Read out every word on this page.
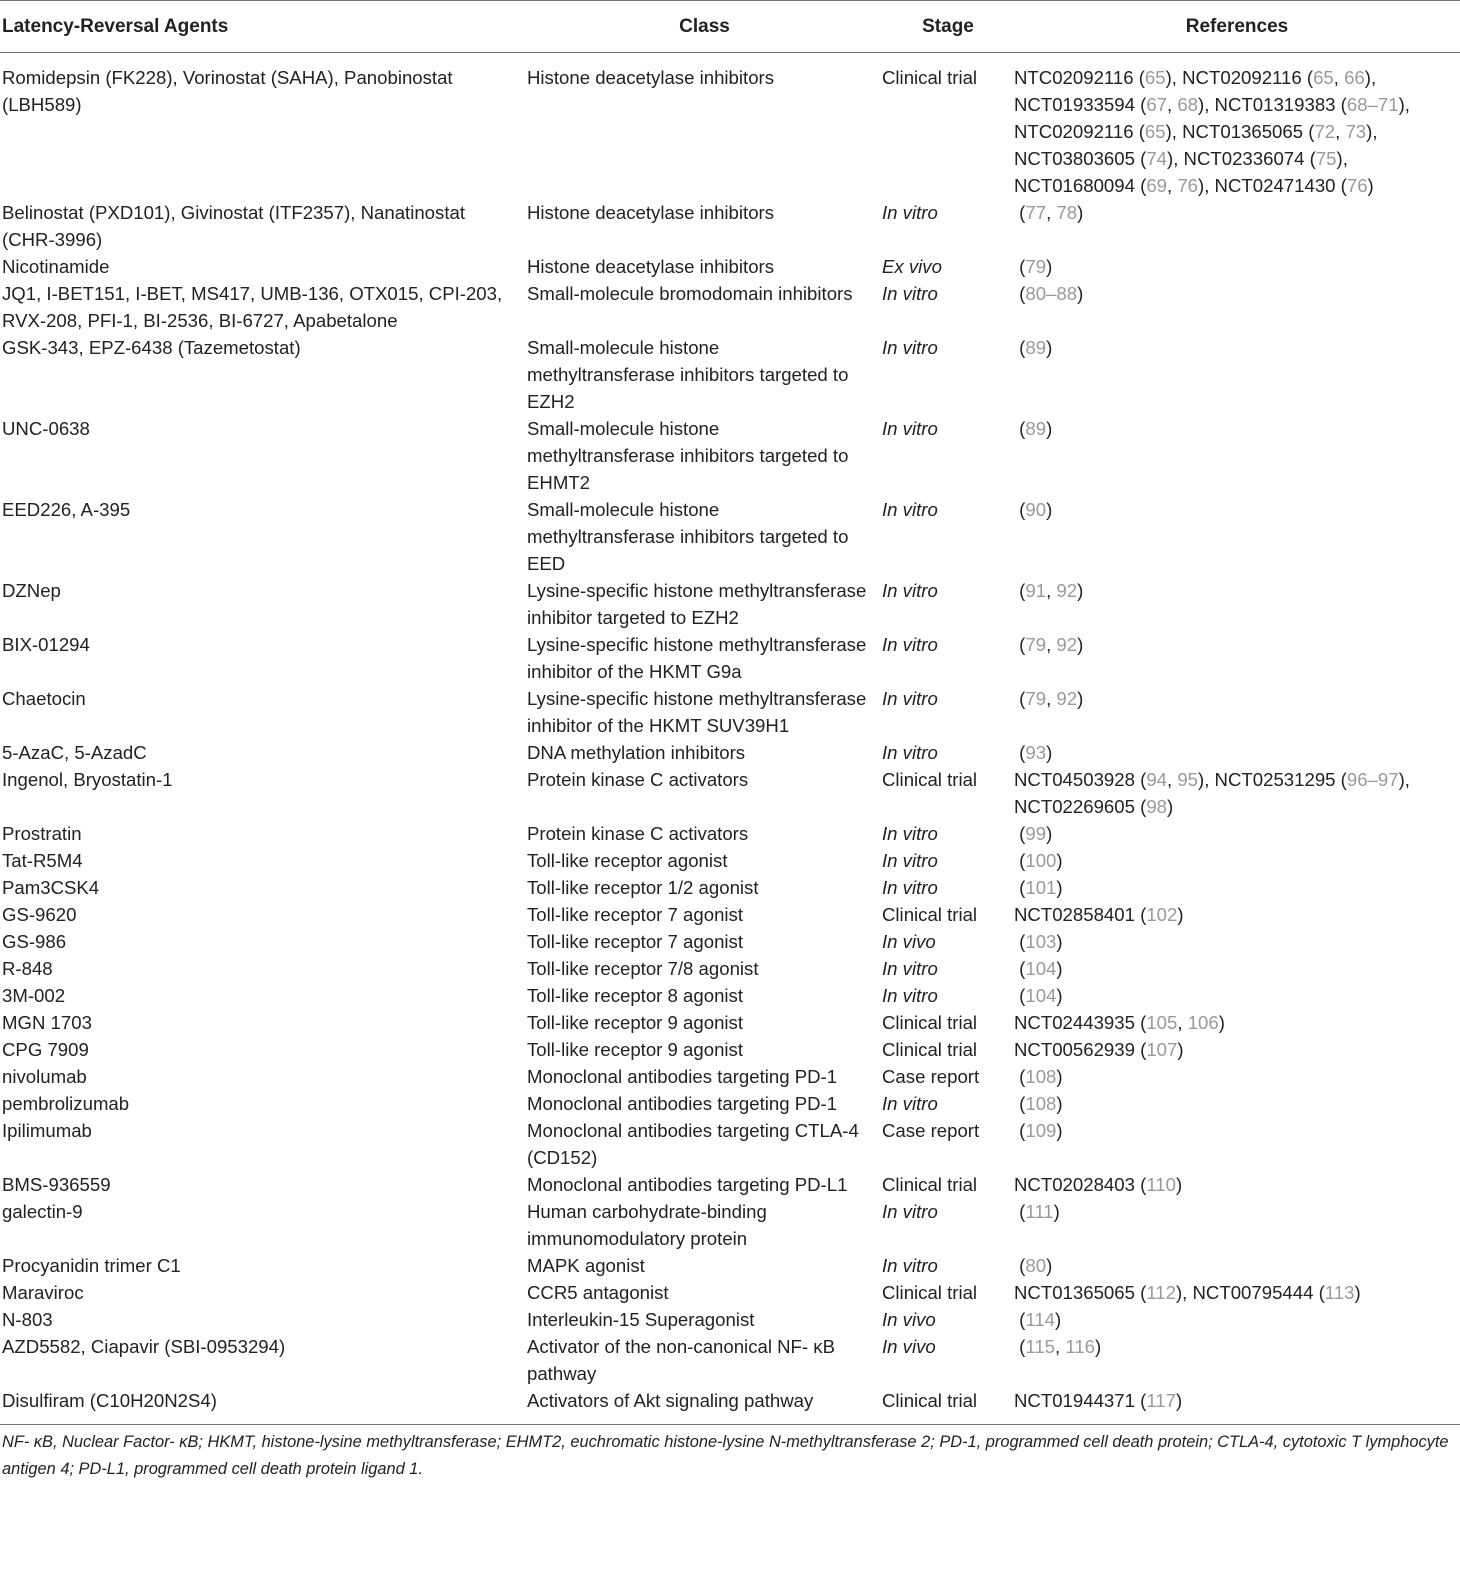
Latency-Reversal Agents	Class	Stage	References
Romidepsin (FK228), Vorinostat (SAHA), Panobinostat (LBH589)	Histone deacetylase inhibitors	Clinical trial	NTC02092116 (65), NCT02092116 (65, 66),
NCT01933594 (67, 68), NCT01319383 (68–71),
NTC02092116 (65), NCT01365065 (72, 73),
NCT03803605 (74), NCT02336074 (75),
NCT01680094 (69, 76), NCT02471430 (76)

Belinostat (PXD101), Givinostat (ITF2357), Nanatinostat (CHR-3996)	Histone deacetylase inhibitors	In vitro	(77, 78)

Nicotinamide	Histone deacetylase inhibitors	Ex vivo	(79)

JQ1, I-BET151, I-BET, MS417, UMB-136, OTX015, CPI-203, RVX-208, PFI-1, BI-2536, BI-6727, Apabetalone	Small-molecule bromodomain inhibitors	In vitro	(80–88)

GSK-343, EPZ-6438 (Tazemetostat)	Small-molecule histone methyltransferase inhibitors targeted to EZH2	In vitro	(89)

UNC-0638	Small-molecule histone methyltransferase inhibitors targeted to EHMT2	In vitro	(89)

EED226, A-395	Small-molecule histone methyltransferase inhibitors targeted to EED	In vitro	(90)

DZNep	Lysine-specific histone methyltransferase inhibitor targeted to EZH2	In vitro	(91, 92)

BIX-01294	Lysine-specific histone methyltransferase inhibitor of the HKMT G9a	In vitro	(79, 92)

Chaetocin	Lysine-specific histone methyltransferase inhibitor of the HKMT SUV39H1	In vitro	(79, 92)

5-AzaC, 5-AzadC	DNA methylation inhibitors	In vitro	(93)

Ingenol, Bryostatin-1	Protein kinase C activators	Clinical trial	NCT04503928 (94, 95), NCT02531295 (96–97),
NCT02269605 (98)

Prostratin	Protein kinase C activators	In vitro	(99)

Tat-R5M4	Toll-like receptor agonist	In vitro	(100)

Pam3CSK4	Toll-like receptor 1/2 agonist	In vitro	(101)

GS-9620	Toll-like receptor 7 agonist	Clinical trial	NCT02858401 (102)

GS-986	Toll-like receptor 7 agonist	In vivo	(103)

R-848	Toll-like receptor 7/8 agonist	In vitro	(104)

3M-002	Toll-like receptor 8 agonist	In vitro	(104)

MGN 1703	Toll-like receptor 9 agonist	Clinical trial	NCT02443935 (105, 106)

CPG 7909	Toll-like receptor 9 agonist	Clinical trial	NCT00562939 (107)

nivolumab	Monoclonal antibodies targeting PD-1	Case report	(108)

pembrolizumab	Monoclonal antibodies targeting PD-1	In vitro	(108)

Ipilimumab	Monoclonal antibodies targeting CTLA-4 (CD152)	Case report	(109)

BMS-936559	Monoclonal antibodies targeting PD-L1	Clinical trial	NCT02028403 (110)

galectin-9	Human carbohydrate-binding immunomodulatory protein	In vitro	(111)

Procyanidin trimer C1	MAPK agonist	In vitro	(80)

Maraviroc	CCR5 antagonist	Clinical trial	NCT01365065 (112), NCT00795444 (113)

N-803	Interleukin-15 Superagonist	In vivo	(114)

AZD5582, Ciapavir (SBI-0953294)	Activator of the non-canonical NF- κB pathway	In vivo	(115, 116)

Disulfiram (C10H20N2S4)	Activators of Akt signaling pathway	Clinical trial	NCT01944371 (117)
NF- κB, Nuclear Factor- κB; HKMT, histone-lysine methyltransferase; EHMT2, euchromatic histone-lysine N-methyltransferase 2; PD-1, programmed cell death protein; CTLA-4, cytotoxic T lymphocyte antigen 4; PD-L1, programmed cell death protein ligand 1.
